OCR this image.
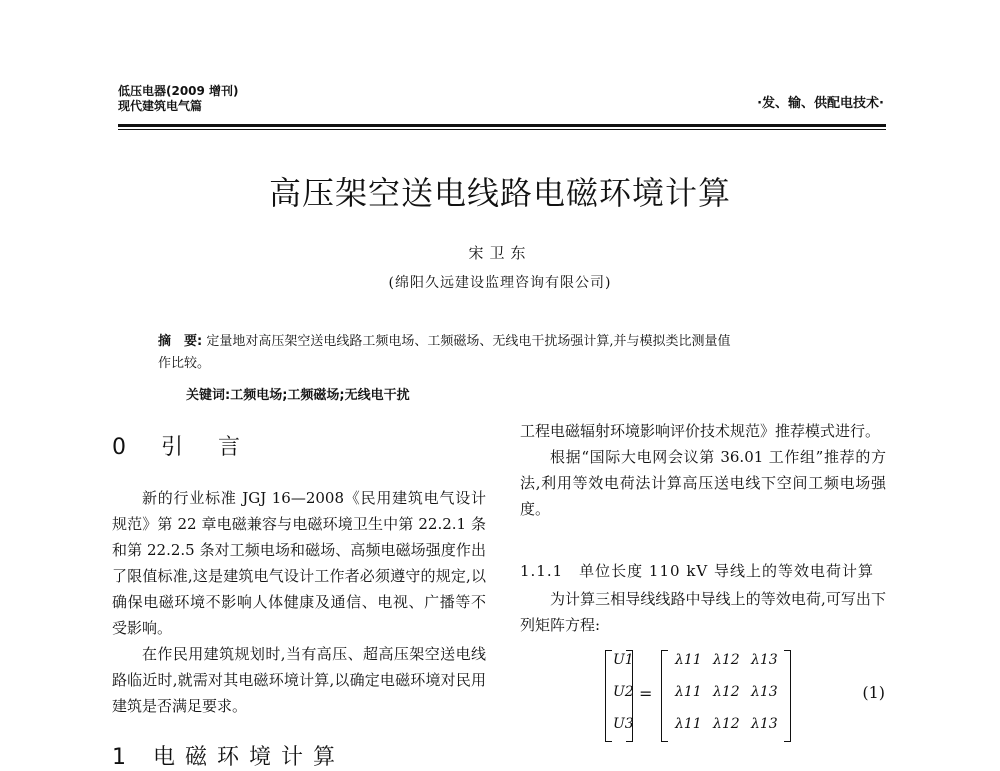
低压电器(2009 增刊)
现代建筑电气篇	·发、输、供配电技术·
高压架空送电线路电磁环境计算
宋卫东
(绵阳久远建设监理咨询有限公司)
摘　要: 定量地对高压架空送电线路工频电场、工频磁场、无线电干扰场强计算,并与模拟类比测量值
作比较。
关键词:工频电场;工频磁场;无线电干扰
0 引 言

新的行业标准 JGJ 16—2008《民用建筑电气设计规范》第 22 章电磁兼容与电磁环境卫生中第 22.2.1 条和第 22.2.5 条对工频电场和磁场、高频电磁场强度作出了限值标准,这是建筑电气设计工作者必须遵守的规定,以确保电磁环境不影响人体健康及通信、电视、广播等不受影响。

在作民用建筑规划时,当有高压、超高压架空送电线路临近时,就需对其电磁环境计算,以确定电磁环境对民用建筑是否满足要求。

1 电磁环境计算

工程电磁辐射环境影响评价技术规范》推荐模式进行。

根据“国际大电网会议第 36.01 工作组”推荐的方法,利用等效电荷法计算高压送电线下空间工频电场强度。

1.1.1　单位长度 110 kV 导线上的等效电荷计算

为计算三相导线线路中导线上的等效电荷,可写出下列矩阵方程:

U1
U2
U3
=
λ11 λ12 λ13
λ11 λ12 λ13
λ11 λ12 λ13
(1)
